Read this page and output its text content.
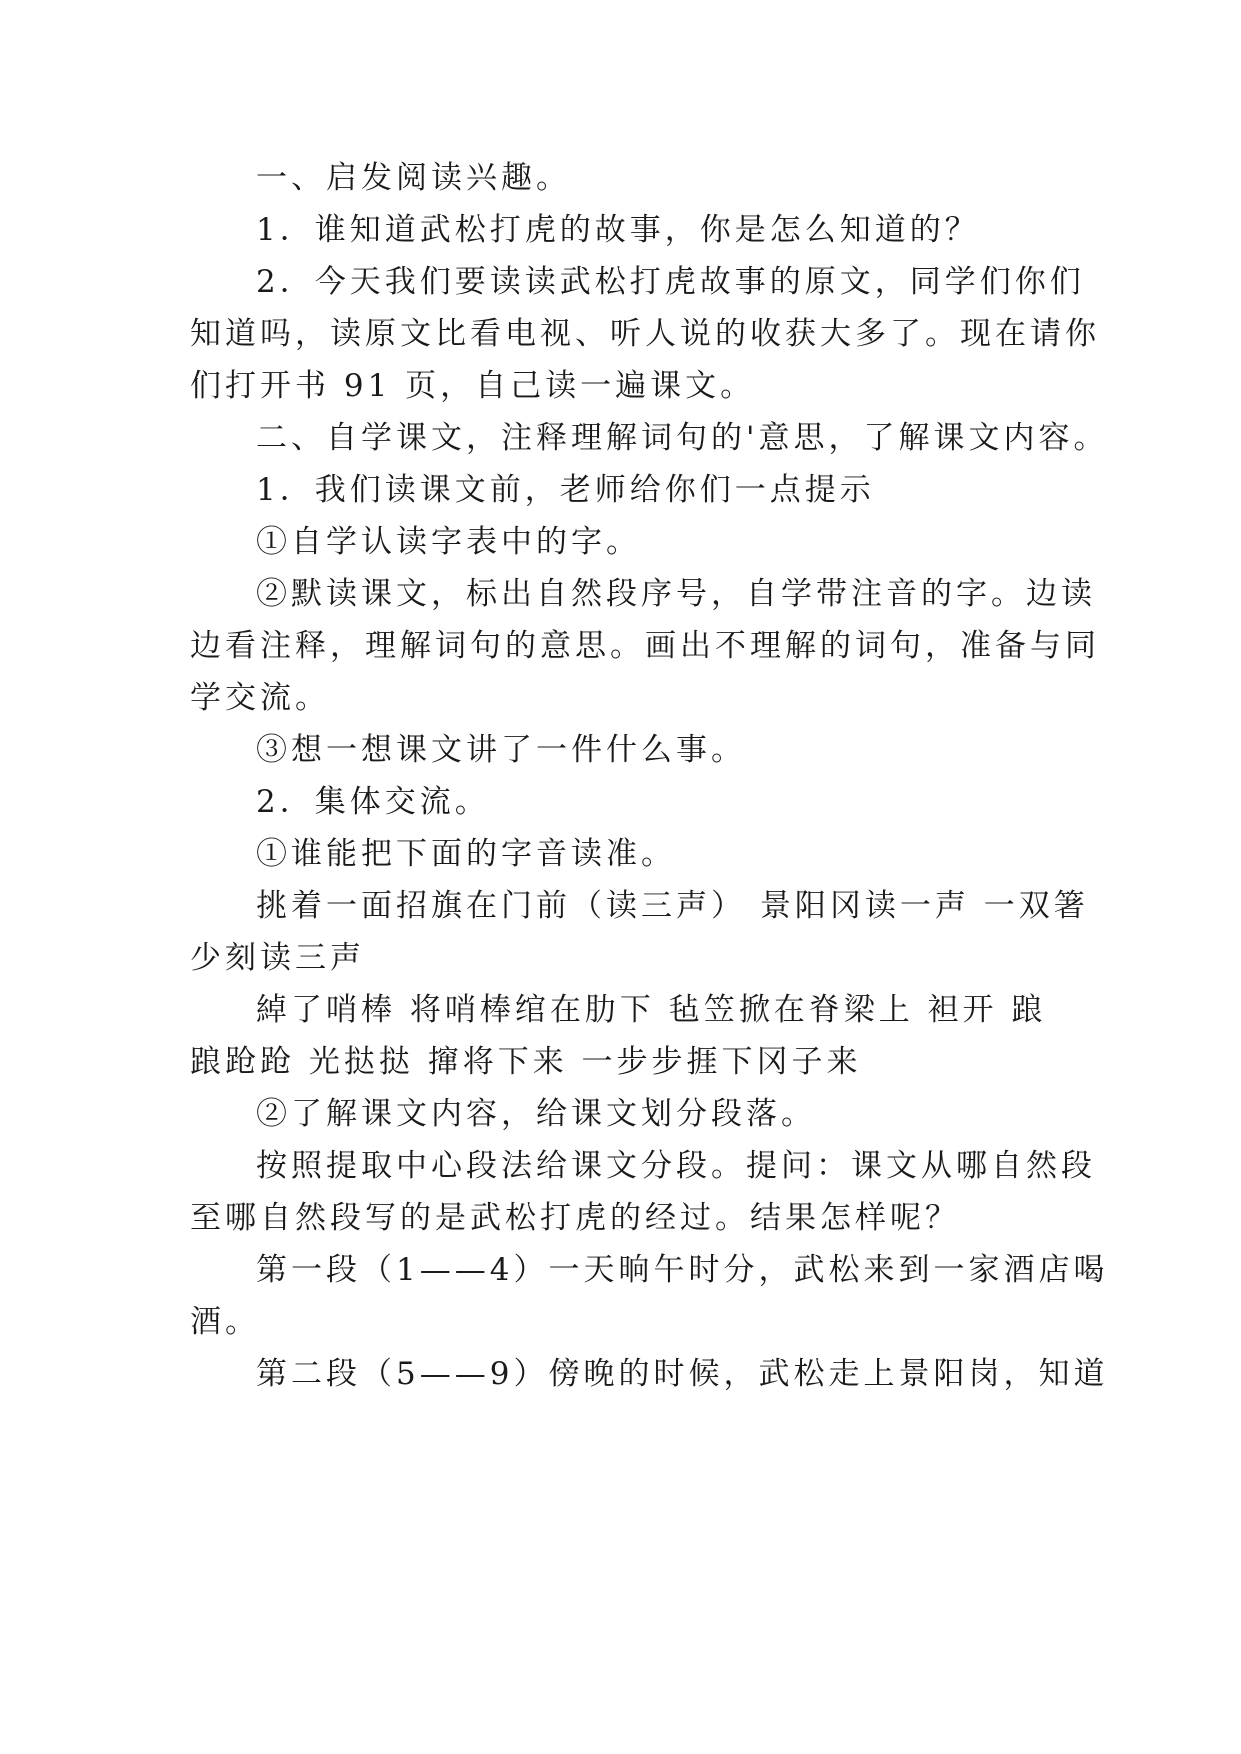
一、启发阅读兴趣。
1．谁知道武松打虎的故事，你是怎么知道的？
2．今天我们要读读武松打虎故事的原文，同学们你们
知道吗，读原文比看电视、听人说的收获大多了。现在请你
们打开书 91 页，自己读一遍课文。
二、自学课文，注释理解词句的'意思，了解课文内容。
1．我们读课文前，老师给你们一点提示
①自学认读字表中的字。
②默读课文，标出自然段序号，自学带注音的字。边读
边看注释，理解词句的意思。画出不理解的词句，准备与同
学交流。
③想一想课文讲了一件什么事。
2．集体交流。
①谁能把下面的字音读准。
挑着一面招旗在门前（读三声） 景阳冈读一声 一双箸
少刻读三声
綽了哨棒 将哨棒绾在肋下 毡笠掀在脊梁上 袒开 踉
踉跄跄 光挞挞 撺将下来 一步步捱下冈子来
②了解课文内容，给课文划分段落。
按照提取中心段法给课文分段。提问：课文从哪自然段
至哪自然段写的是武松打虎的经过。结果怎样呢？
第一段（1——4）一天晌午时分，武松来到一家酒店喝
酒。
第二段（5——9）傍晚的时候，武松走上景阳岗，知道
